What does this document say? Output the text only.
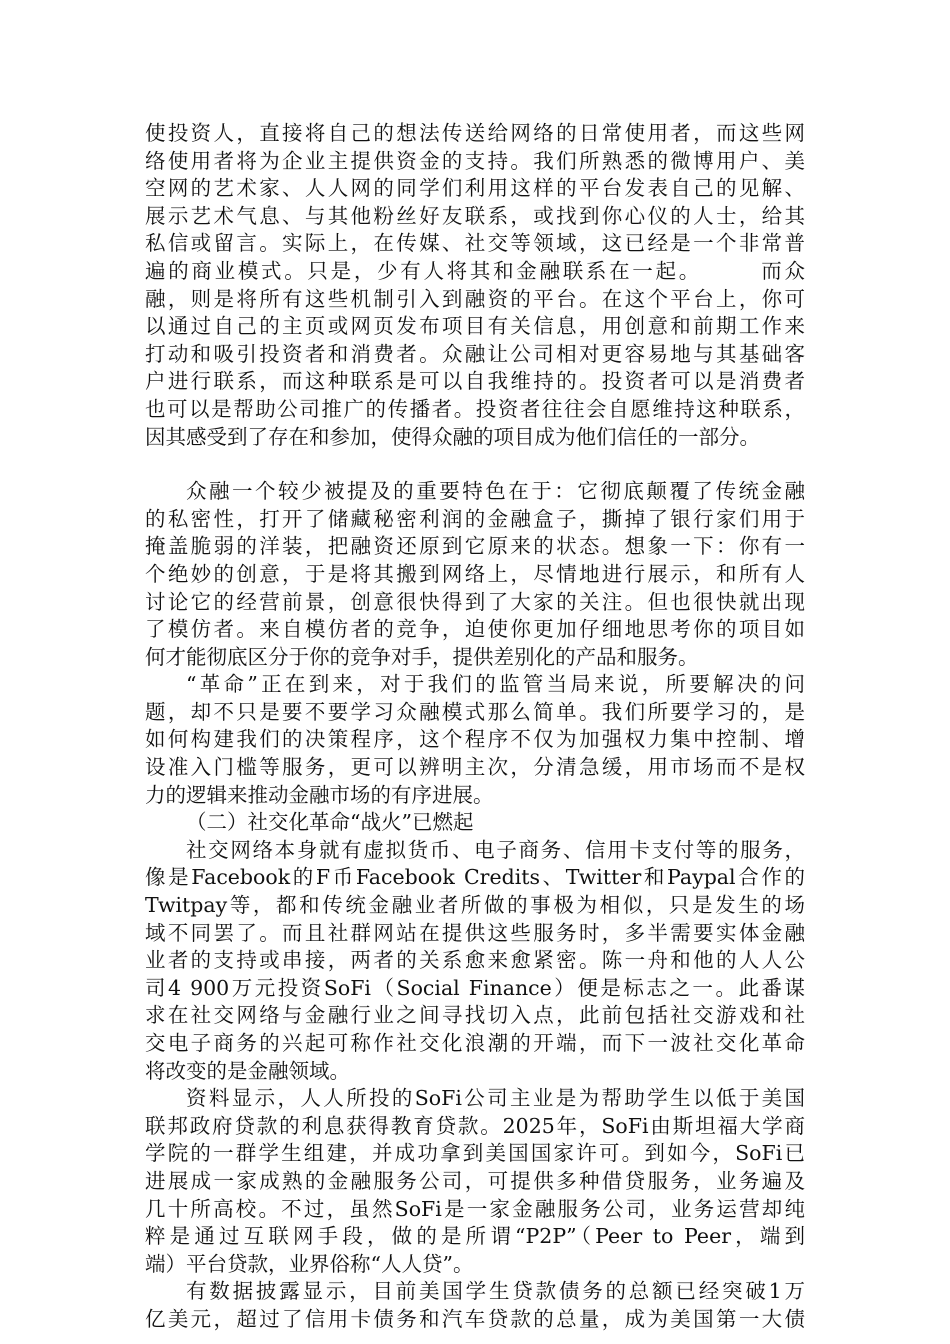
使投资人，直接将自己的想法传送给网络的日常使用者，而这些网
络使用者将为企业主提供资金的支持。我们所熟悉的微博用户、美
空网的艺术家、人人网的同学们利用这样的平台发表自己的见解、
展示艺术气息、与其他粉丝好友联系，或找到你心仪的人士，给其
私信或留言。实际上，在传媒、社交等领域，这已经是一个非常普
遍的商业模式。只是，少有人将其和金融联系在一起。　　　而众
融，则是将所有这些机制引入到融资的平台。在这个平台上，你可
以通过自己的主页或网页发布项目有关信息，用创意和前期工作来
打动和吸引投资者和消费者。众融让公司相对更容易地与其基础客
户进行联系，而这种联系是可以自我维持的。投资者可以是消费者
也可以是帮助公司推广的传播者。投资者往往会自愿维持这种联系，
因其感受到了存在和参加，使得众融的项目成为他们信任的一部分。
众融一个较少被提及的重要特色在于：它彻底颠覆了传统金融
的私密性，打开了储藏秘密利润的金融盒子，撕掉了银行家们用于
掩盖脆弱的洋装，把融资还原到它原来的状态。想象一下：你有一
个绝妙的创意，于是将其搬到网络上，尽情地进行展示，和所有人
讨论它的经营前景，创意很快得到了大家的关注。但也很快就出现
了模仿者。来自模仿者的竞争，迫使你更加仔细地思考你的项目如
何才能彻底区分于你的竞争对手，提供差别化的产品和服务。
“革命”正在到来，对于我们的监管当局来说，所要解决的问
题，却不只是要不要学习众融模式那么简单。我们所要学习的，是
如何构建我们的决策程序，这个程序不仅为加强权力集中控制、增
设准入门槛等服务，更可以辨明主次，分清急缓，用市场而不是权
力的逻辑来推动金融市场的有序进展。
（二）社交化革命“战火”已燃起
社交网络本身就有虚拟货币、电子商务、信用卡支付等的服务，
像是Facebook的F币Facebook Credits、Twitter和Paypal合作的
Twitpay等，都和传统金融业者所做的事极为相似，只是发生的场
域不同罢了。而且社群网站在提供这些服务时，多半需要实体金融
业者的支持或串接，两者的关系愈来愈紧密。陈一舟和他的人人公
司4 900万元投资SoFi（Social Finance）便是标志之一。此番谋
求在社交网络与金融行业之间寻找切入点，此前包括社交游戏和社
交电子商务的兴起可称作社交化浪潮的开端，而下一波社交化革命
将改变的是金融领域。
资料显示，人人所投的SoFi公司主业是为帮助学生以低于美国
联邦政府贷款的利息获得教育贷款。2025年，SoFi由斯坦福大学商
学院的一群学生组建，并成功拿到美国国家许可。到如今，SoFi已
进展成一家成熟的金融服务公司，可提供多种借贷服务，业务遍及
几十所高校。不过，虽然SoFi是一家金融服务公司，业务运营却纯
粹是通过互联网手段，做的是所谓“P2P”（Peer to Peer，端到
端）平台贷款，业界俗称“人人贷”。
有数据披露显示，目前美国学生贷款债务的总额已经突破1万
亿美元，超过了信用卡债务和汽车贷款的总量，成为美国第一大债
